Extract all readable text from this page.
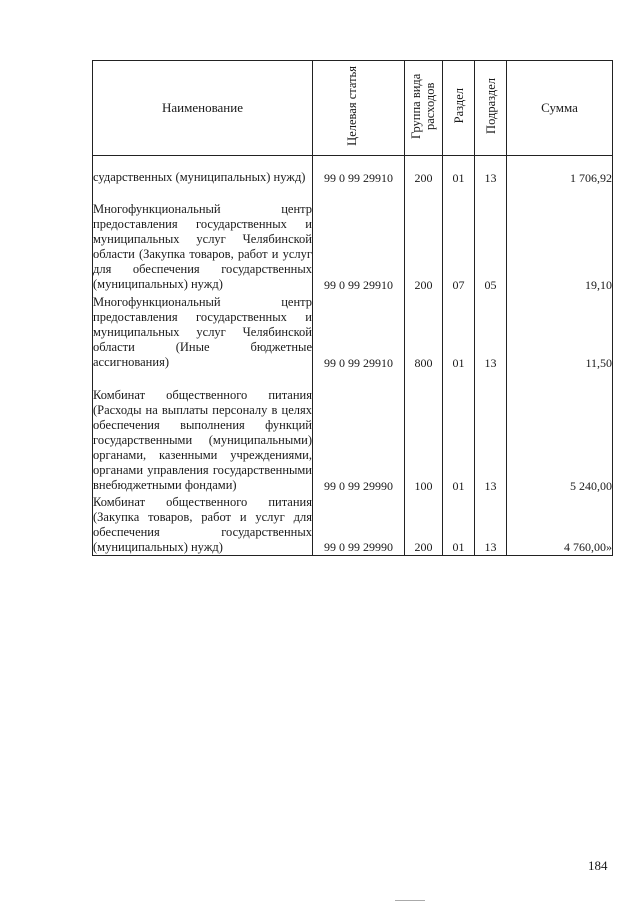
Наименование	Целевая статья	Группа вида расходов	Раздел	Подраздел	Сумма
сударственных (муниципальных) нужд)	99 0 99 29910	200	01	13	1 706,92
Многофункциональный центр предоставления государственных и муниципальных услуг Челябинской области (Закупка товаров, работ и услуг для обеспечения государственных (муниципальных) нужд)	99 0 99 29910	200	07	05	19,10
Многофункциональный центр предоставления государственных и муниципальных услуг Челябинской области (Иные бюджетные ассигнования)	99 0 99 29910	800	01	13	11,50
Комбинат общественного питания (Расходы на выплаты персоналу в целях обеспечения выполнения функций государственными (муниципальными) органами, казенными учреждениями, органами управления государственными внебюджетными фондами)	99 0 99 29990	100	01	13	5 240,00
Комбинат общественного питания (Закупка товаров, работ и услуг для обеспечения государственных (муниципальных) нужд)	99 0 99 29990	200	01	13	4 760,00»
184
